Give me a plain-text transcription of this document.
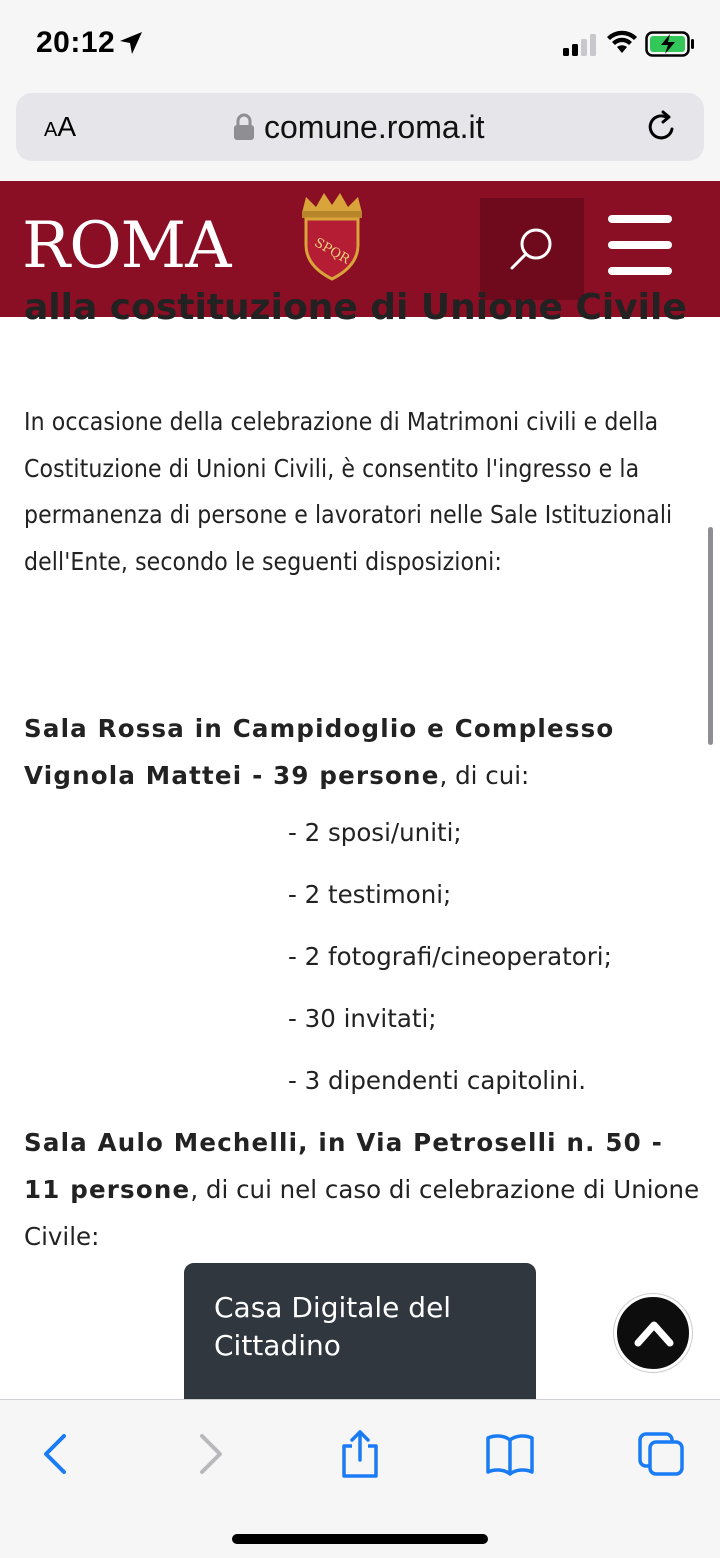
20:12
AA	comune.roma.it
ROMA	SPQR
alla costituzione di Unione Civile

In occasione della celebrazione di Matrimoni civili e della Costituzione di Unioni Civili, è consentito l'ingresso e la permanenza di persone e lavoratori nelle Sale Istituzionali dell'Ente, secondo le seguenti disposizioni:

Sala Rossa in Campidoglio e Complesso Vignola Mattei - 39 persone, di cui:

- 2 sposi/uniti;
- 2 testimoni;
- 2 fotografi/cineoperatori;
- 30 invitati;
- 3 dipendenti capitolini.

Sala Aulo Mechelli, in Via Petroselli n. 50 - 11 persone, di cui nel caso di celebrazione di Unione Civile:

Casa Digitale del Cittadino
